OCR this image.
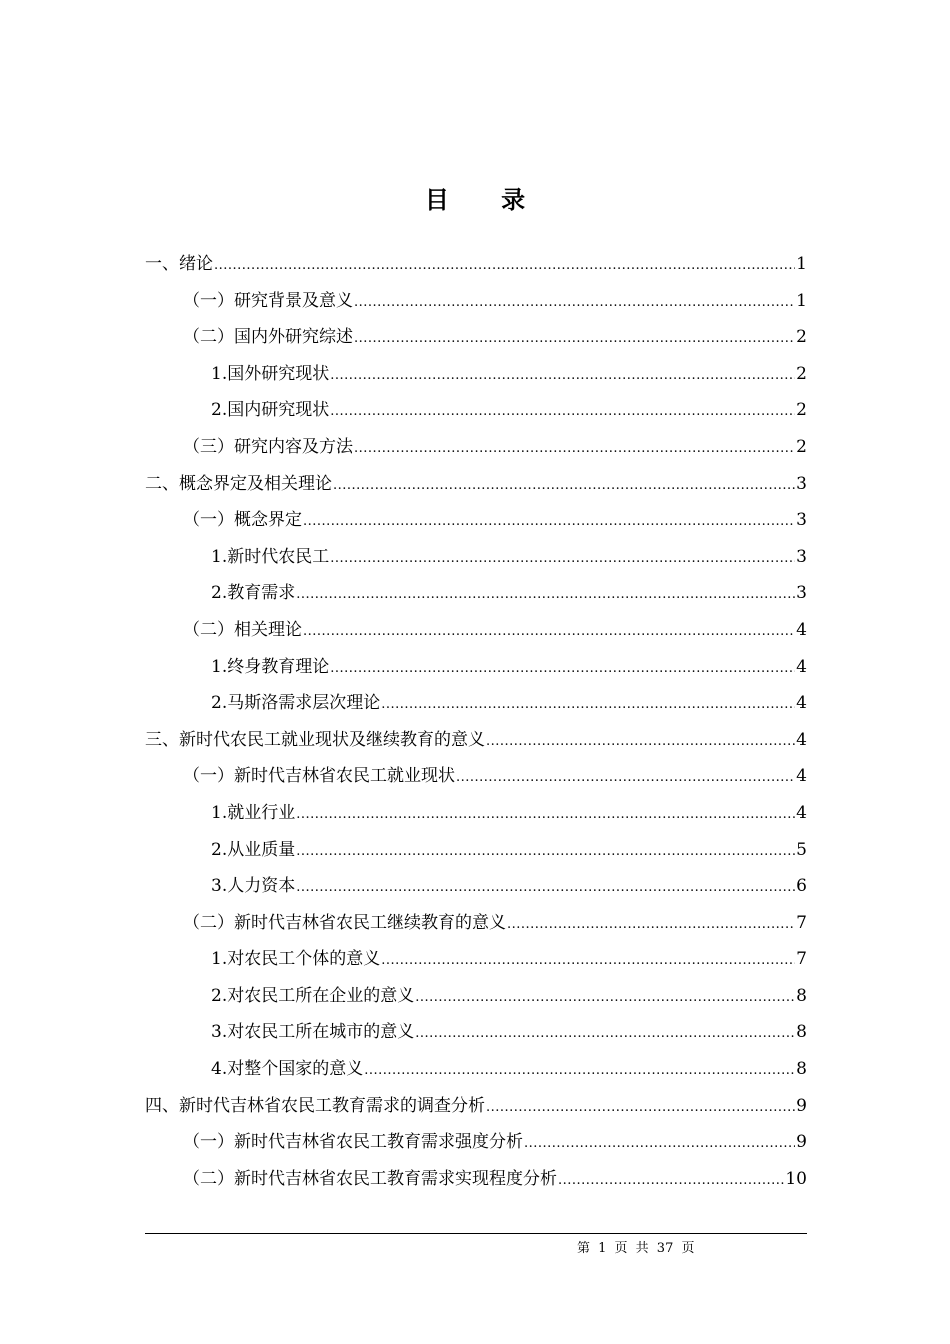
目 录
一、绪论 .....	1
（一）研究背景及意义 .....	1
（二）国内外研究综述 .....	2
1.国外研究现状 .....	2
2.国内研究现状 .....	2
（三）研究内容及方法 .....	2
二、概念界定及相关理论 .....	3
（一）概念界定 .....	3
1.新时代农民工 .....	3
2.教育需求 .....	3
（二）相关理论 .....	4
1.终身教育理论 .....	4
2.马斯洛需求层次理论 .....	4
三、新时代农民工就业现状及继续教育的意义 .....	4
（一）新时代吉林省农民工就业现状 .....	4
1.就业行业 .....	4
2.从业质量 .....	5
3.人力资本 .....	6
（二）新时代吉林省农民工继续教育的意义 .....	7
1.对农民工个体的意义 .....	7
2.对农民工所在企业的意义 .....	8
3.对农民工所在城市的意义 .....	8
4.对整个国家的意义 .....	8
四、新时代吉林省农民工教育需求的调查分析 .....	9
（一）新时代吉林省农民工教育需求强度分析 .....	9
（二）新时代吉林省农民工教育需求实现程度分析 .....	10
第 1 页 共 37 页
